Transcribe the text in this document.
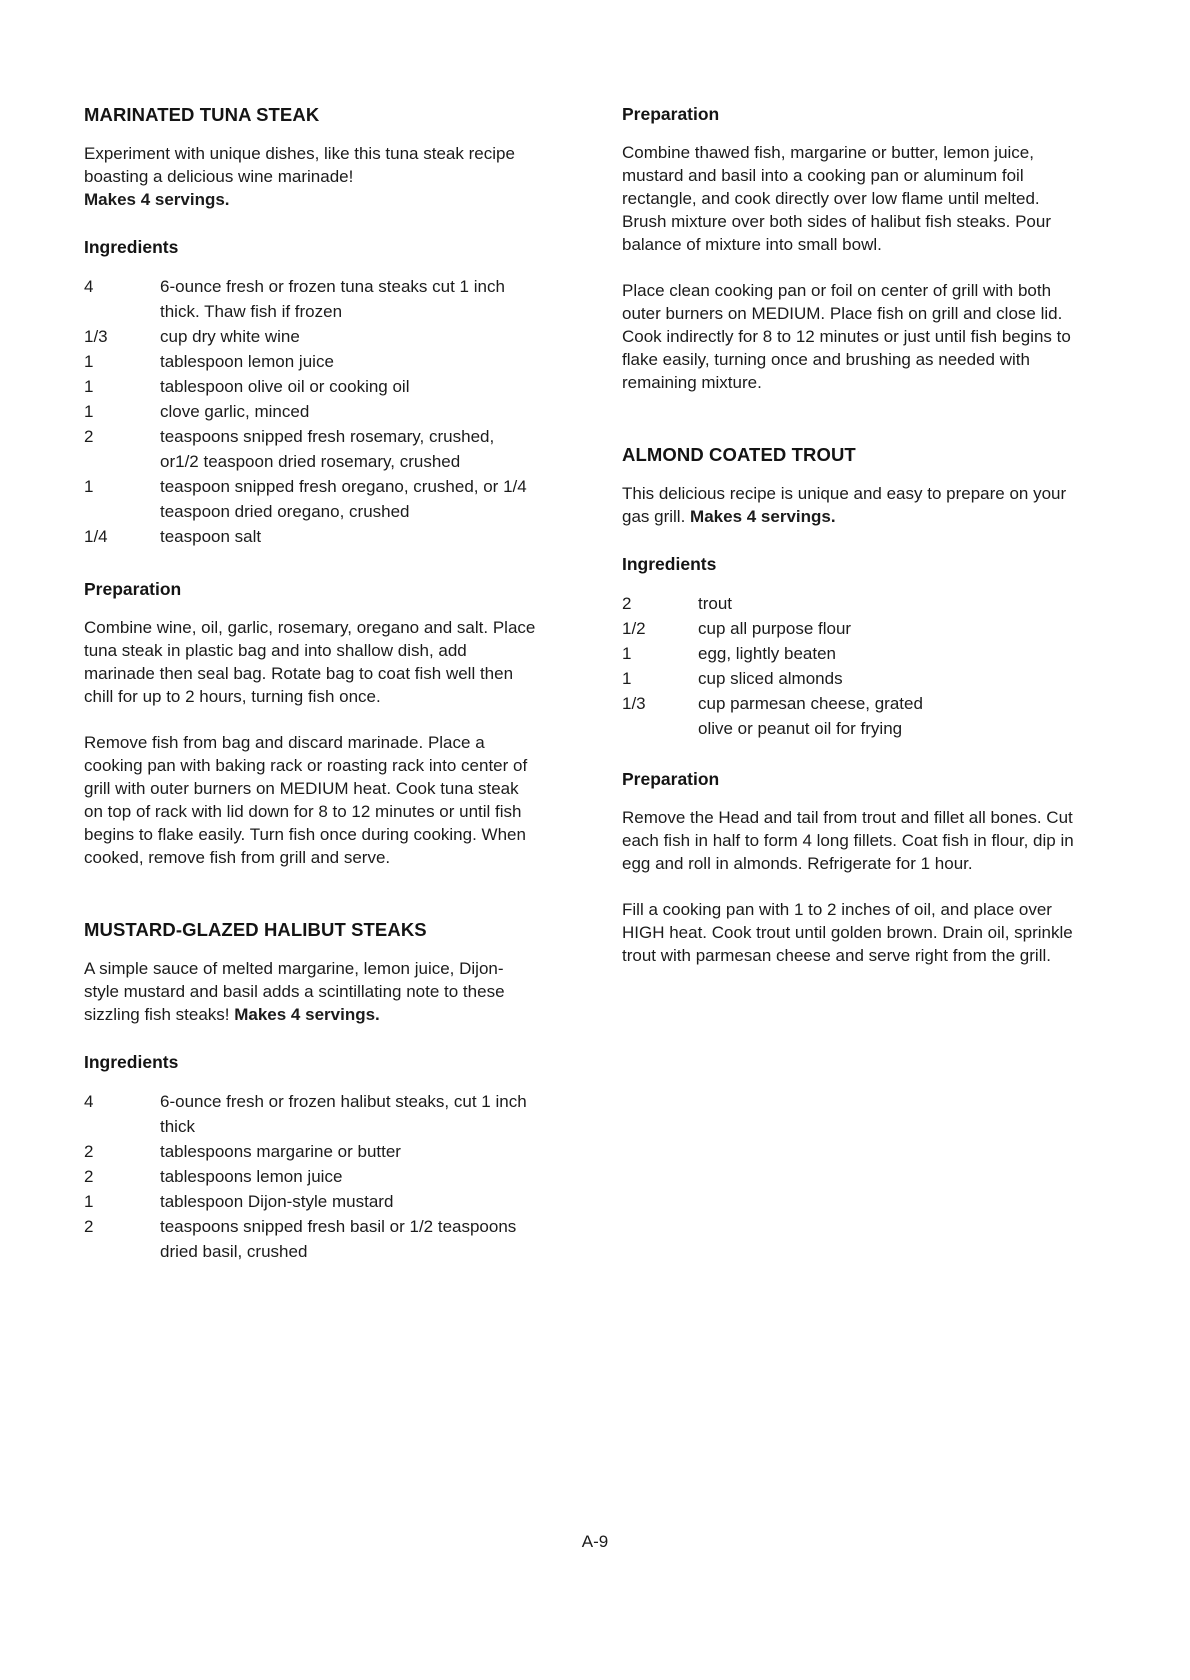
MARINATED TUNA STEAK

Experiment with unique dishes, like this tuna steak recipe boasting a delicious wine marinade!

Makes 4 servings.
Ingredients
4	6-ounce fresh or frozen tuna steaks cut 1 inch thick. Thaw fish if frozen
1/3	cup dry white wine
1	tablespoon lemon juice
1	tablespoon olive oil or cooking oil
1	clove garlic, minced
2	teaspoons snipped fresh rosemary, crushed, or1/2 teaspoon dried rosemary, crushed
1	teaspoon snipped fresh oregano, crushed, or 1/4 teaspoon dried oregano, crushed
1/4	teaspoon salt
Preparation

Combine wine, oil, garlic, rosemary, oregano and salt. Place tuna steak in plastic bag and into shallow dish, add marinade then seal bag. Rotate bag to coat fish well then chill for up to 2 hours, turning fish once.

Remove fish from bag and discard marinade. Place a cooking pan with baking rack or roasting rack into center of grill with outer burners on MEDIUM heat. Cook tuna steak on top of rack with lid down for 8 to 12 minutes or until fish begins to flake easily. Turn fish once during cooking. When cooked, remove fish from grill and serve.

MUSTARD-GLAZED HALIBUT STEAKS

A simple sauce of melted margarine, lemon juice, Dijon-style mustard and basil adds a scintillating note to these sizzling fish steaks! Makes 4 servings.

Ingredients
4	6-ounce fresh or frozen halibut steaks, cut 1 inch thick
2	tablespoons margarine or butter
2	tablespoons lemon juice
1	tablespoon Dijon-style mustard
2	teaspoons snipped fresh basil or 1/2 teaspoons dried basil, crushed
Preparation

Combine thawed fish, margarine or butter, lemon juice, mustard and basil into a cooking pan or aluminum foil rectangle, and cook directly over low flame until melted. Brush mixture over both sides of halibut fish steaks. Pour balance of mixture into small bowl.

Place clean cooking pan or foil on center of grill with both outer burners on MEDIUM. Place fish on grill and close lid. Cook indirectly for 8 to 12 minutes or just until fish begins to flake easily, turning once and brushing as needed with remaining mixture.

ALMOND COATED TROUT

This delicious recipe is unique and easy to prepare on your gas grill. Makes 4 servings.

Ingredients
2	trout
1/2	cup all purpose flour
1	egg, lightly beaten
1	cup sliced almonds
1/3	cup parmesan cheese, grated
olive or peanut oil for frying
Preparation

Remove the Head and tail from trout and fillet all bones. Cut each fish in half to form 4 long fillets. Coat fish in flour, dip in egg and roll in almonds. Refrigerate for 1 hour.

Fill a cooking pan with 1 to 2 inches of oil, and place over HIGH heat. Cook trout until golden brown. Drain oil, sprinkle trout with parmesan cheese and serve right from the grill.

A-9
